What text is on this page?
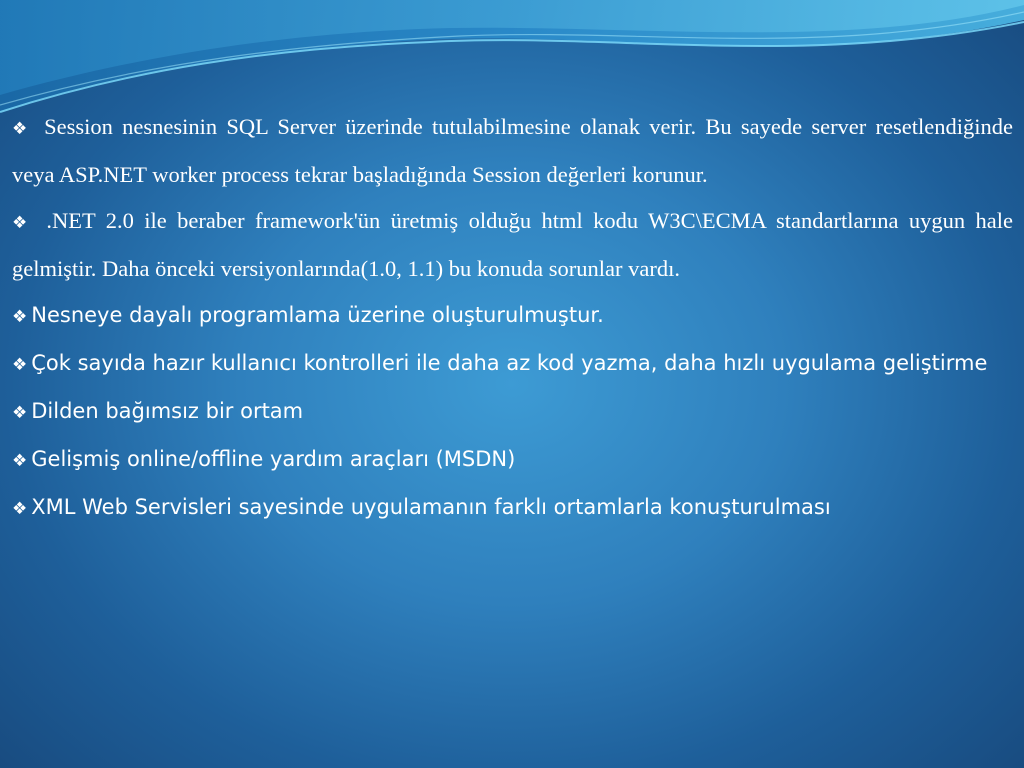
❖ Session nesnesinin SQL Server üzerinde tutulabilmesine olanak verir. Bu sayede server resetlendiğinde veya ASP.NET worker process tekrar başladığında Session değerleri korunur.

❖ .NET 2.0 ile beraber framework'ün üretmiş olduğu html kodu W3C\ECMA standartlarına uygun hale gelmiştir. Daha önceki versiyonlarında(1.0, 1.1) bu konuda sorunlar vardı.

❖ Nesneye dayalı programlama üzerine oluşturulmuştur.

❖ Çok sayıda hazır kullanıcı kontrolleri ile daha az kod yazma, daha hızlı uygulama geliştirme

❖ Dilden bağımsız bir ortam

❖ Gelişmiş online/offline yardım araçları (MSDN)

❖ XML Web Servisleri sayesinde uygulamanın farklı ortamlarla konuşturulması
